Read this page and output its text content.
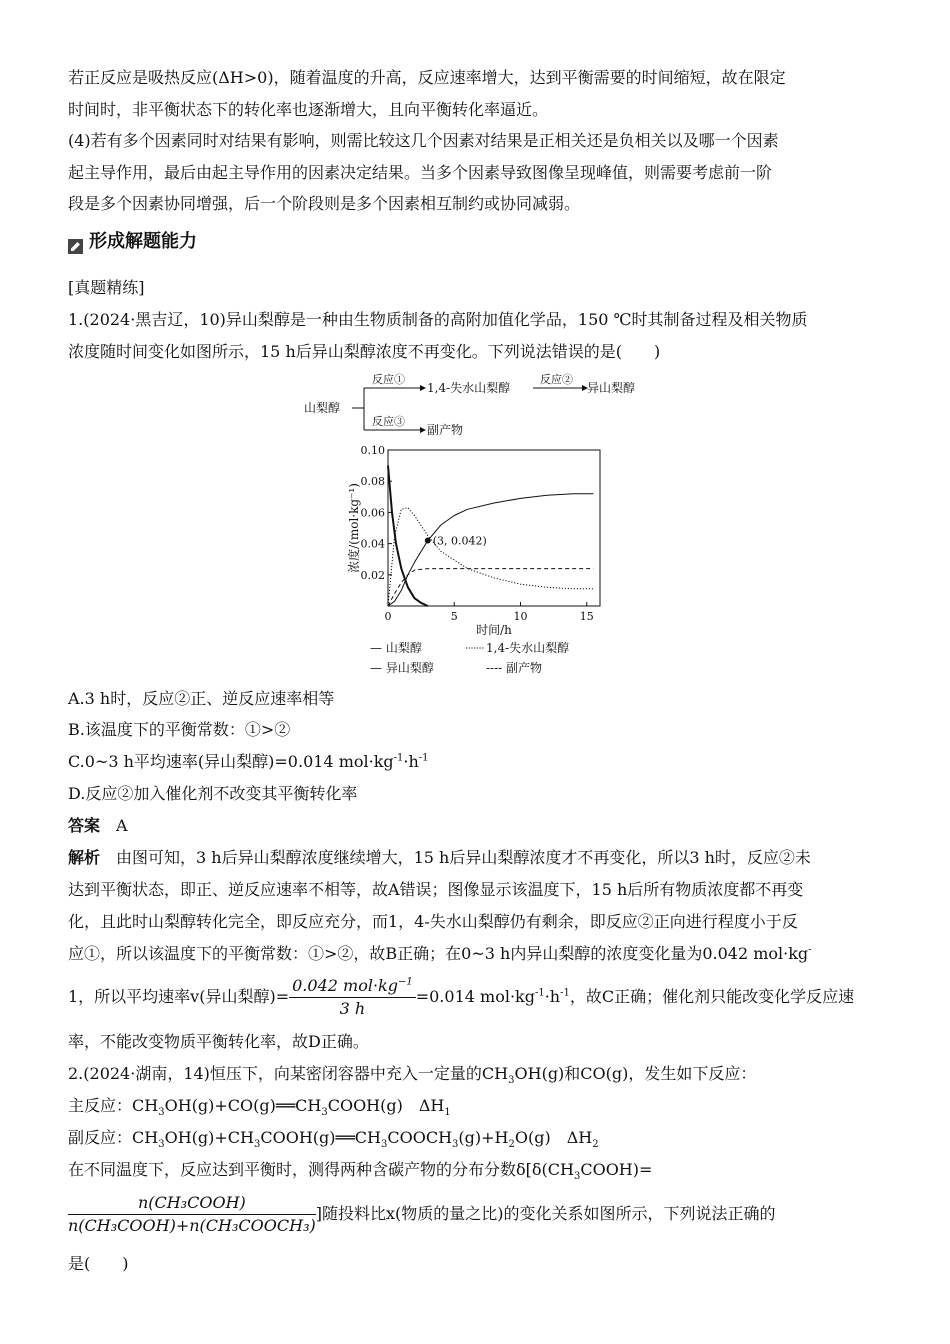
若正反应是吸热反应(ΔH>0)，随着温度的升高，反应速率增大，达到平衡需要的时间缩短，故在限定

时间时，非平衡状态下的转化率也逐渐增大，且向平衡转化率逼近。

(4)若有多个因素同时对结果有影响，则需比较这几个因素对结果是正相关还是负相关以及哪一个因素

起主导作用，最后由起主导作用的因素决定结果。当多个因素导致图像呈现峰值，则需要考虑前一阶

段是多个因素协同增强，后一个阶段则是多个因素相互制约或协同减弱。

形成解题能力

[真题精练]

1.(2024·黑吉辽，10)异山梨醇是一种由生物质制备的高附加值化学品，150 ℃时其制备过程及相关物质

浓度随时间变化如图所示，15 h后异山梨醇浓度不再变化。下列说法错误的是(　　)

山梨醇
反应①
1,4-失水山梨醇
反应②
异山梨醇
反应③
副产物
0.02
0.04
0.06
0.08
0.10
0	5	10	15
(3, 0.042)
浓度/(mol·kg⁻¹)
时间/h
— 山梨醇	1,4-失水山梨醇
— 异山梨醇	---- 副产物

A.3 h时，反应②正、逆反应速率相等

B.该温度下的平衡常数：①>②

C.0~3 h平均速率(异山梨醇)=0.014 $mol\cdot kg^{-1}\cdot h^{-1}$

D.反应②加入催化剂不改变其平衡转化率

答案　 A

解析　 由图可知，3 h后异山梨醇浓度继续增大，15 h后异山梨醇浓度才不再变化，所以3 h时，反应②未

达到平衡状态，即正、逆反应速率不相等，故A错误；图像显示该温度下，15 h后所有物质浓度都不再变

化，且此时山梨醇转化完全，即反应充分，而1，4-失水山梨醇仍有剩余，即反应②正向进行程度小于反

应①，所以该温度下的平衡常数：①>②，故B正确；在0~3 h内异山梨醇的浓度变化量为0.042 mol·kg-

1，所以平均速率v(异山梨醇)= $\frac{0.042 mol\cdot kg^{-1}}{3 h} =0.014$ $mol\cdot kg^{-1}\cdot h^{-1}$，故C正确；催化剂只能改变化学反应速

率，不能改变物质平衡转化率，故D正确。

2.(2024·湖南，14)恒压下，向某密闭容器中充入一定量的$CH_3OH(g)$和CO(g)，发生如下反应：

主反应：$CH_3OH(g)+CO(g)══CH_3COOH(g)$　$\Delta H_1$

副反应：$CH_3OH(g)+CH_3COOH(g)══CH_3COOCH_3(g)+H_2O(g)$　$\Delta H_2$

在不同温度下，反应达到平衡时，测得两种含碳产物的分布分数$\delta[\delta(CH_3COOH)=$

$\frac{\text{n(CH₃COOH)}}{\text{n(CH₃COOH)+n(CH₃COOCH₃)}}$ ]随投料比x(物质的量之比)的变化关系如图所示，下列说法正确的

是(　　)
